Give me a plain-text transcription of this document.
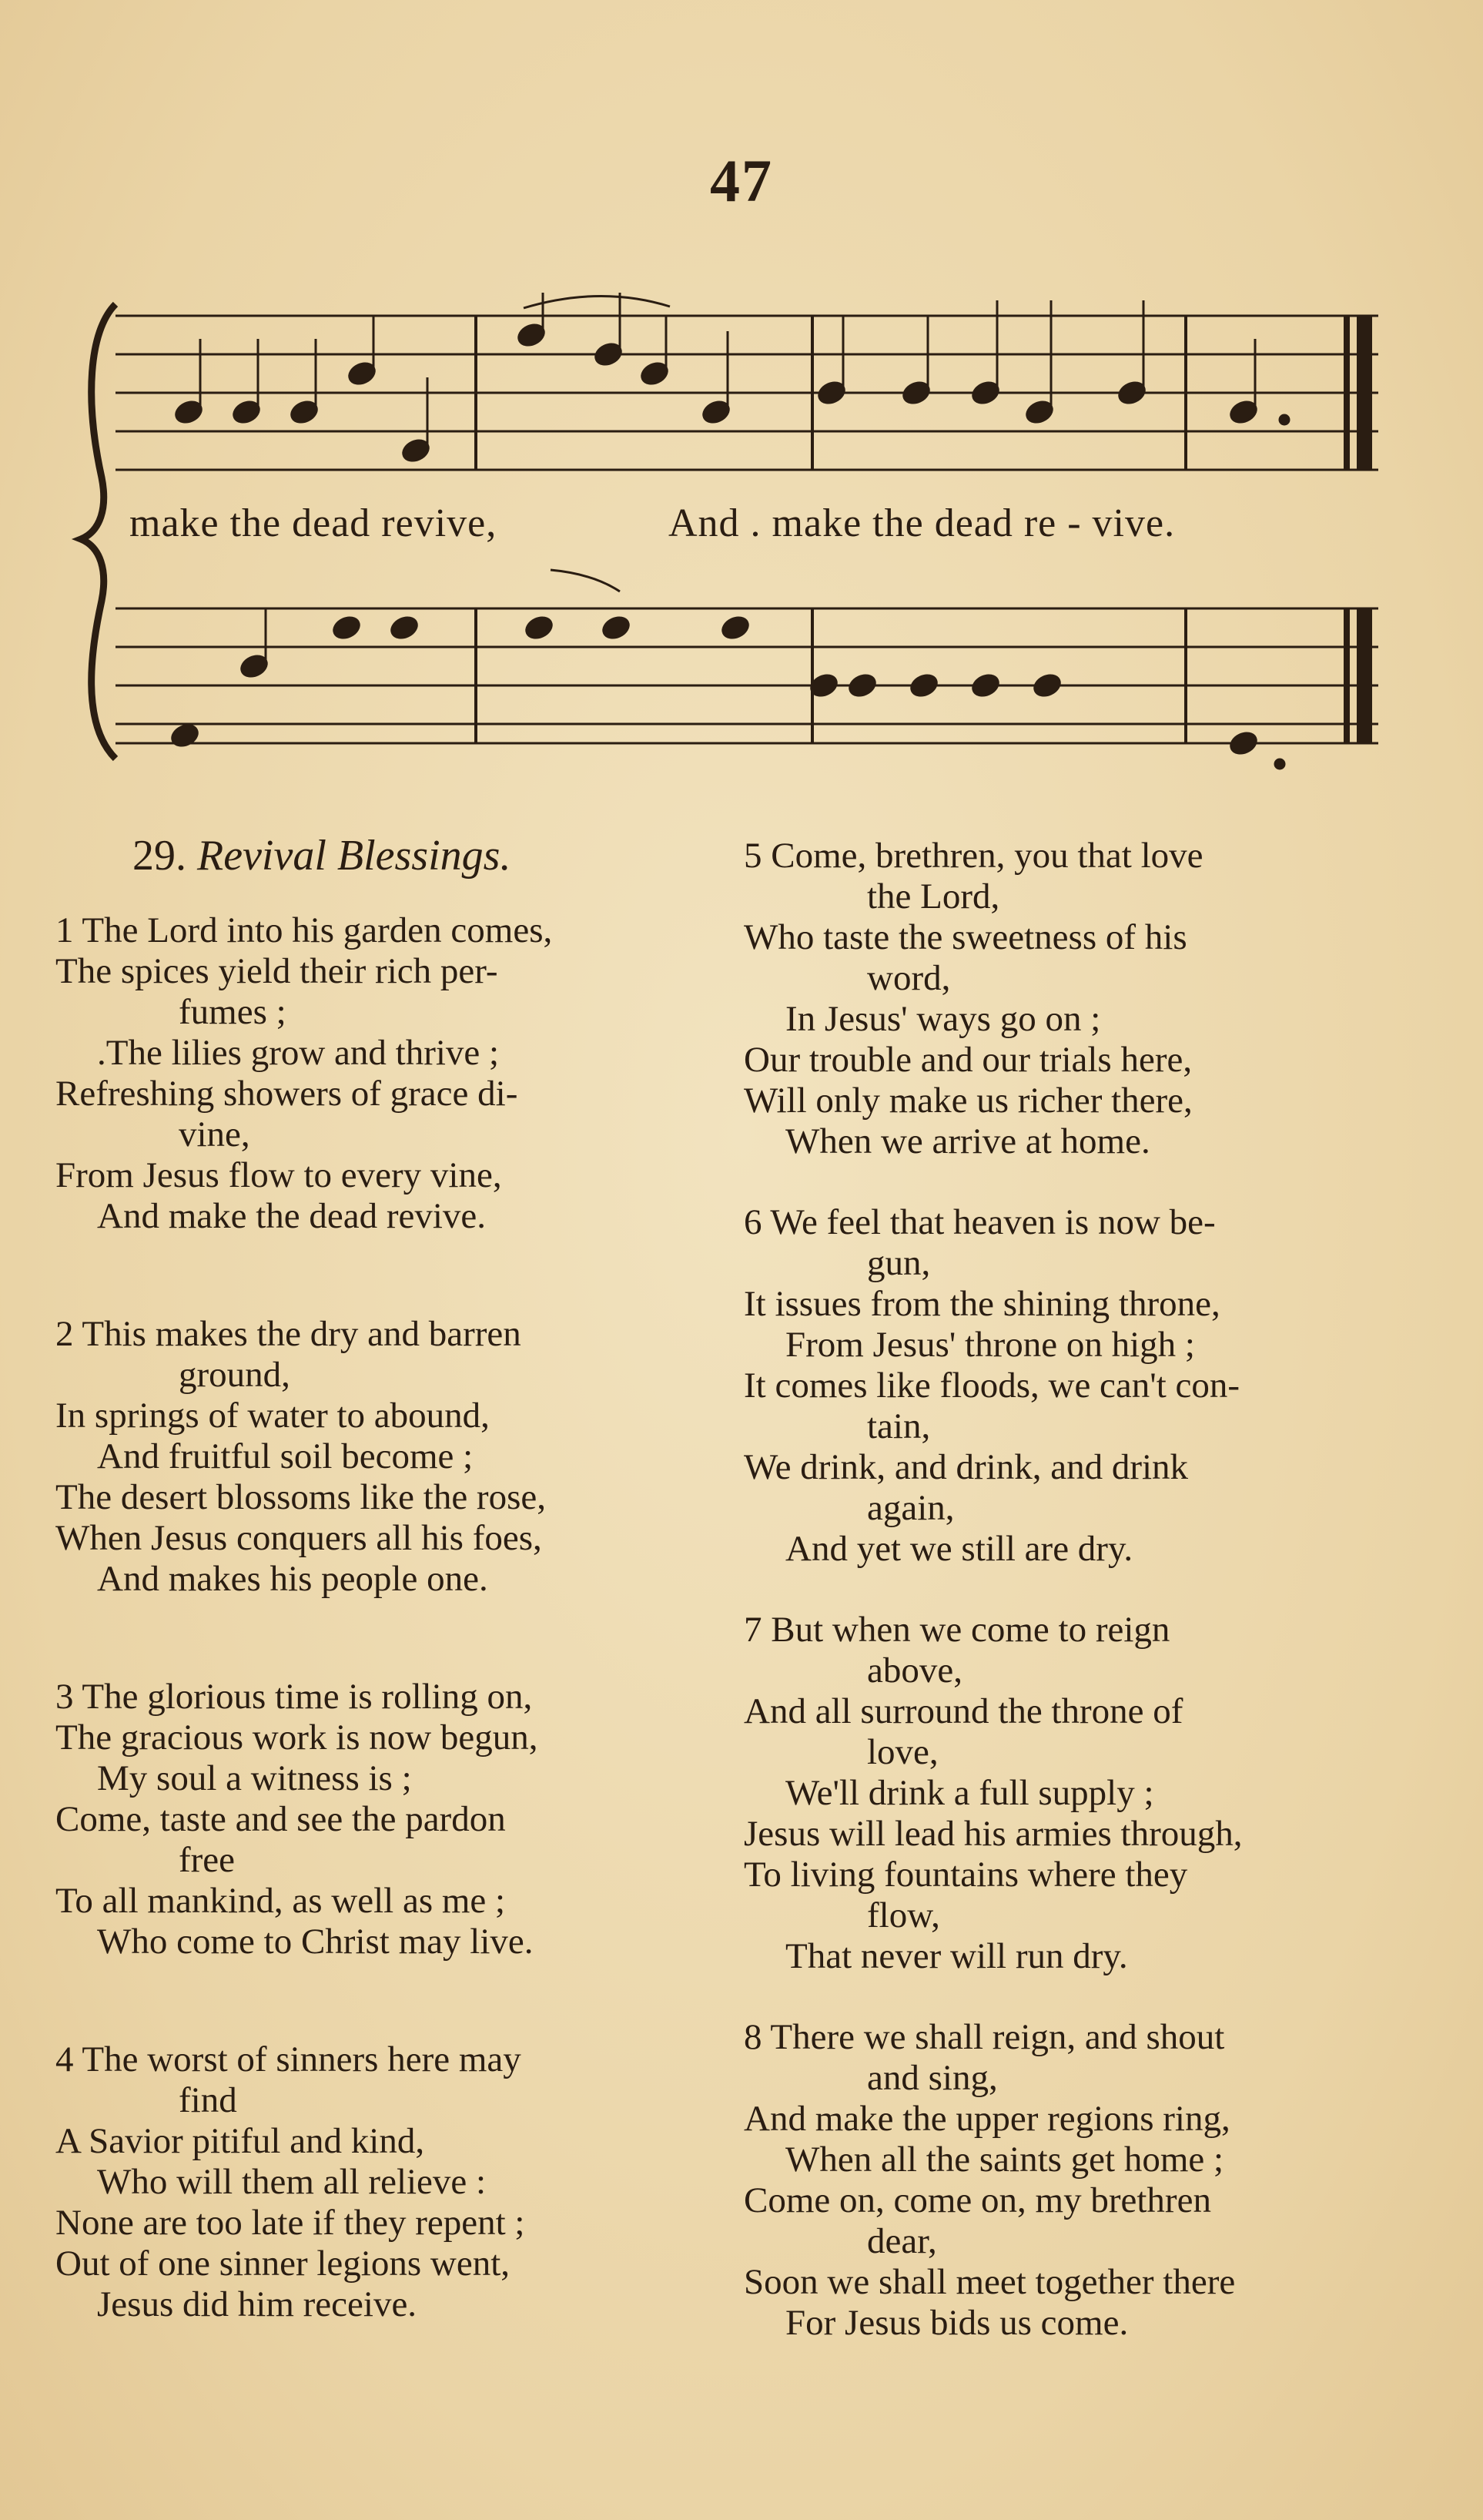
47
make the dead revive,	And . make the dead re - vive.
29. Revival Blessings.
1 The Lord into his garden comes,
The spices yield their rich per-
fumes ;
.The lilies grow and thrive ;
Refreshing showers of grace di-
vine,
From Jesus flow to every vine,
And make the dead revive.
2 This makes the dry and barren
ground,
In springs of water to abound,
And fruitful soil become ;
The desert blossoms like the rose,
When Jesus conquers all his foes,
And makes his people one.
3 The glorious time is rolling on,
The gracious work is now begun,
My soul a witness is ;
Come, taste and see the pardon
free
To all mankind, as well as me ;
Who come to Christ may live.
4 The worst of sinners here may
find
A Savior pitiful and kind,
Who will them all relieve :
None are too late if they repent ;
Out of one sinner legions went,
Jesus did him receive.
5 Come, brethren, you that love
the Lord,
Who taste the sweetness of his
word,
In Jesus' ways go on ;
Our trouble and our trials here,
Will only make us richer there,
When we arrive at home.
6 We feel that heaven is now be-
gun,
It issues from the shining throne,
From Jesus' throne on high ;
It comes like floods, we can't con-
tain,
We drink, and drink, and drink
again,
And yet we still are dry.
7 But when we come to reign
above,
And all surround the throne of
love,
We'll drink a full supply ;
Jesus will lead his armies through,
To living fountains where they
flow,
That never will run dry.
8 There we shall reign, and shout
and sing,
And make the upper regions ring,
When all the saints get home ;
Come on, come on, my brethren
dear,
Soon we shall meet together there
For Jesus bids us come.
